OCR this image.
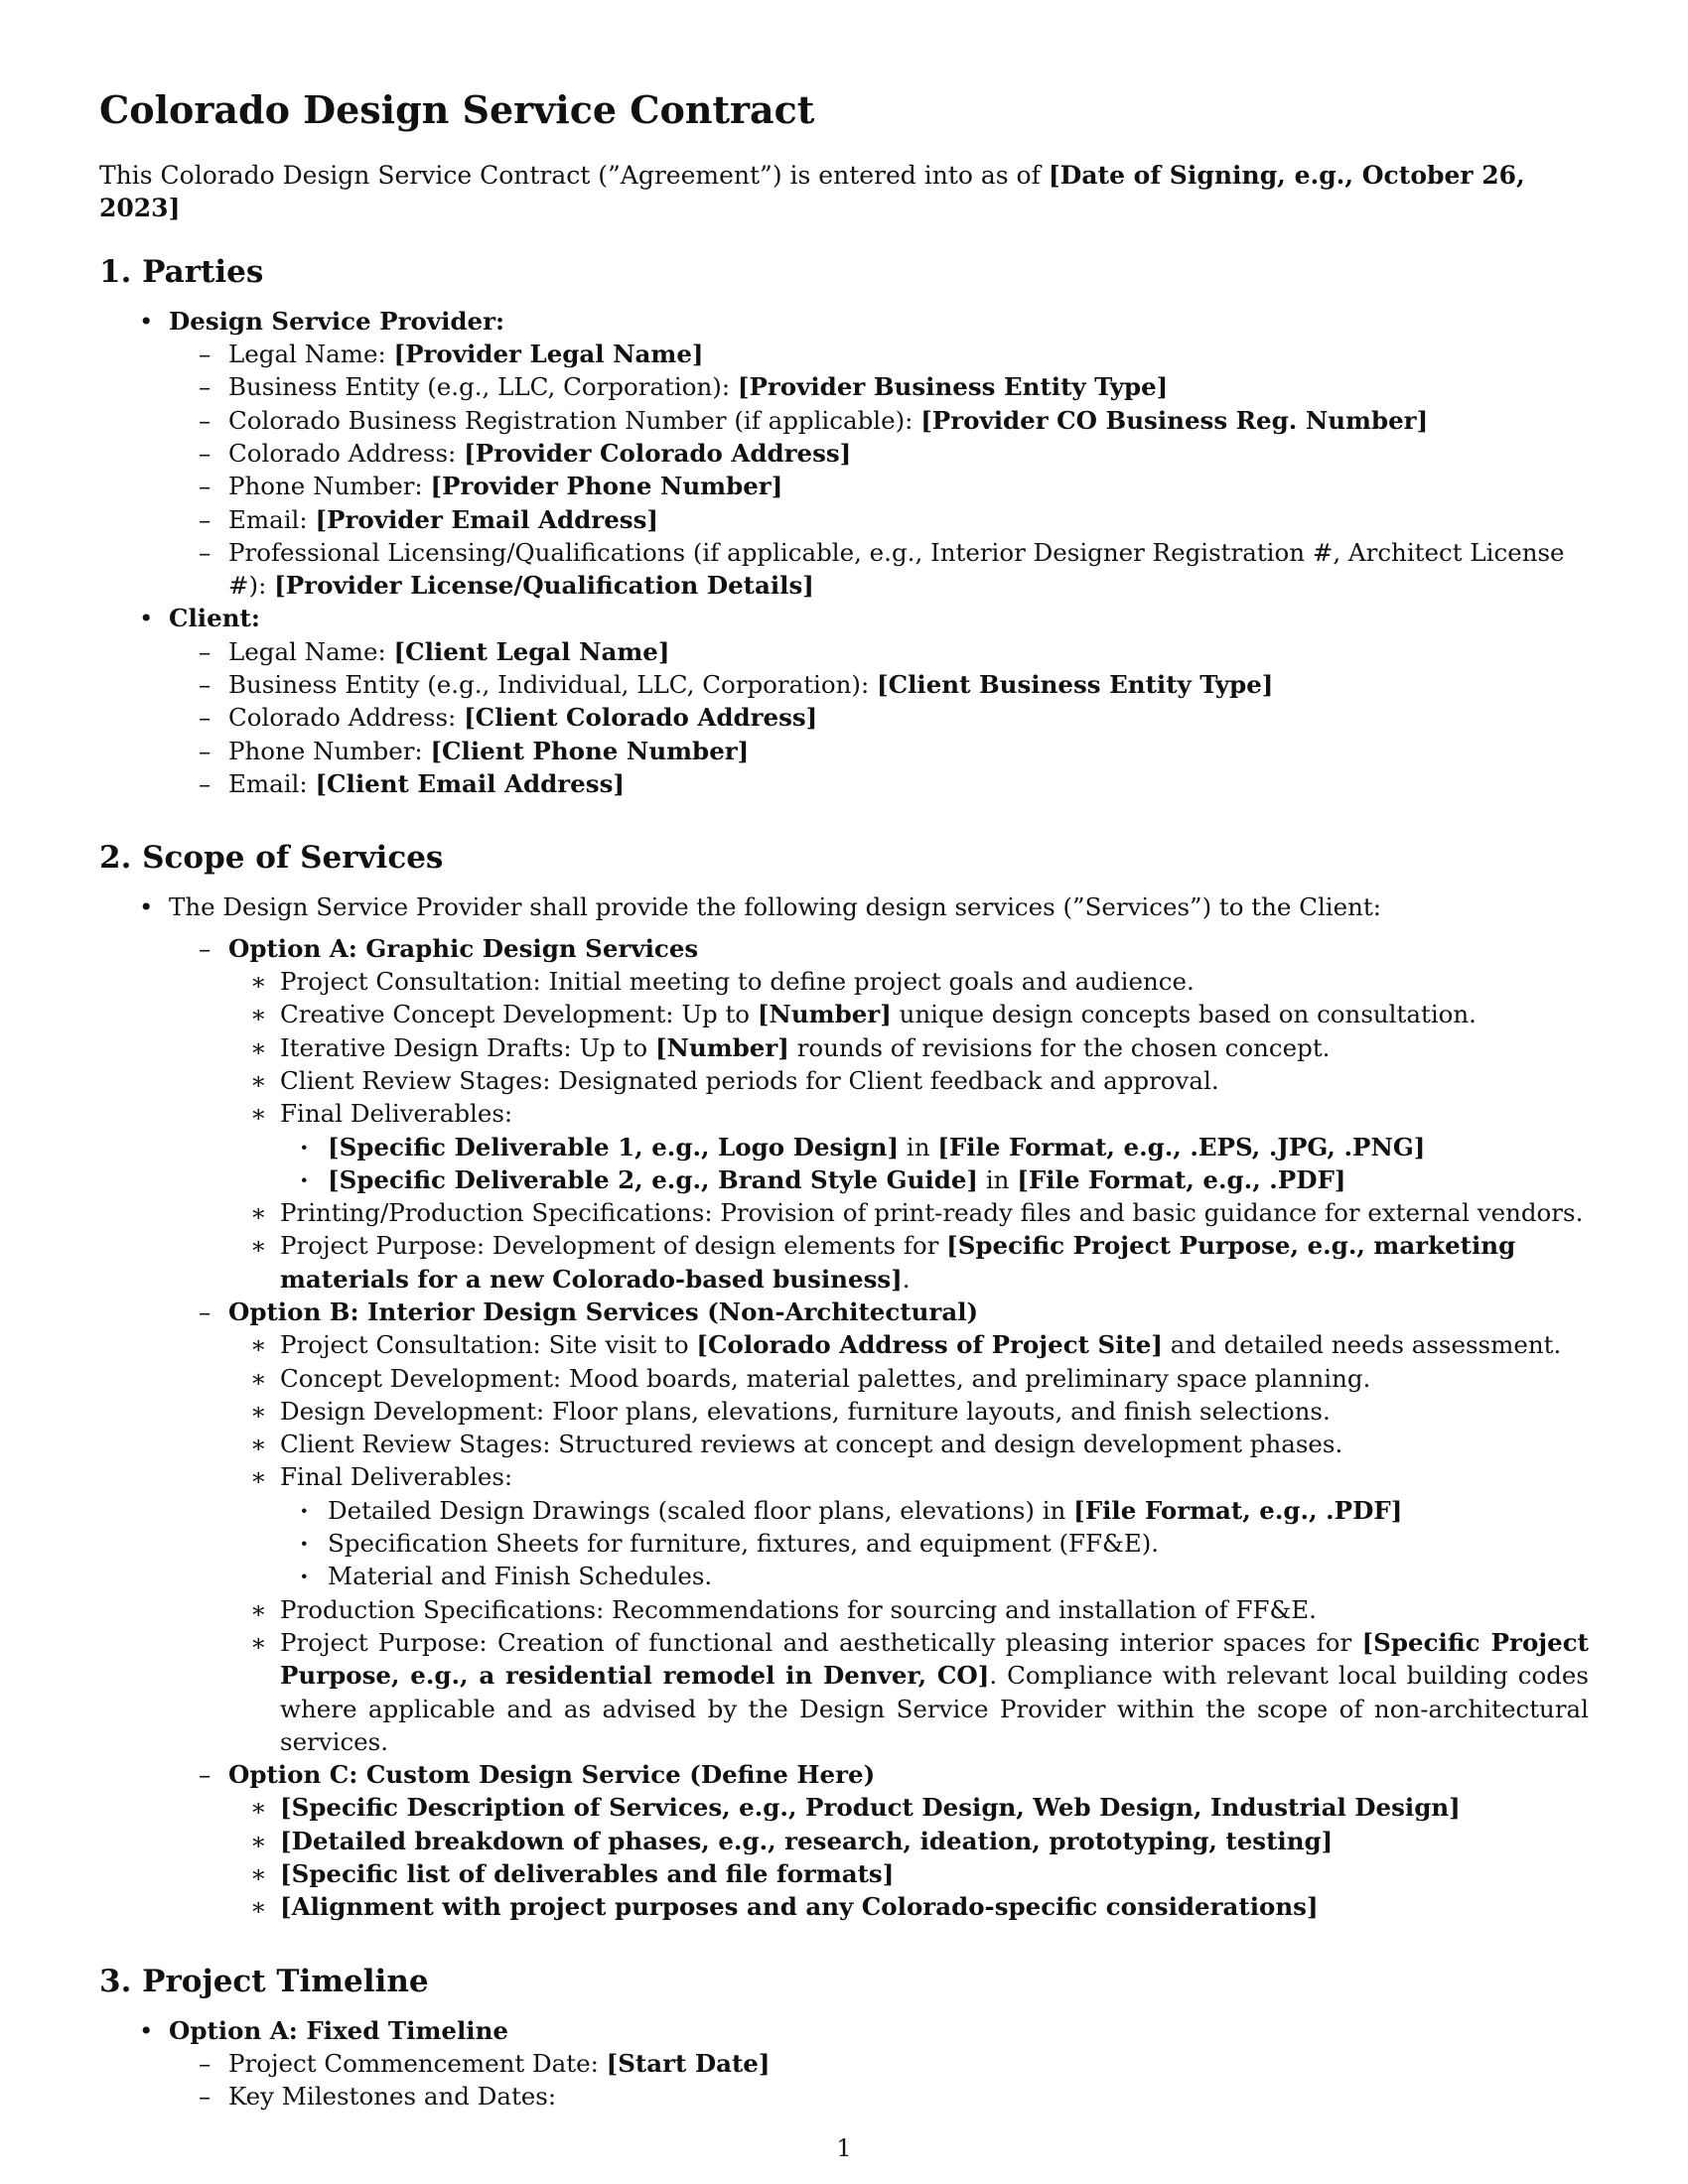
Colorado Design Service Contract

This Colorado Design Service Contract (”Agreement”) is entered into as of [Date of Signing, e.g., October 26, 2023]

1. Parties
• Design Service Provider:
– Legal Name: [Provider Legal Name]
– Business Entity (e.g., LLC, Corporation): [Provider Business Entity Type]
– Colorado Business Registration Number (if applicable): [Provider CO Business Reg. Number]
– Colorado Address: [Provider Colorado Address]
– Phone Number: [Provider Phone Number]
– Email: [Provider Email Address]
– Professional Licensing/Qualifications (if applicable, e.g., Interior Designer Registration #, Architect License #): [Provider License/Qualification Details]
• Client:
– Legal Name: [Client Legal Name]
– Business Entity (e.g., Individual, LLC, Corporation): [Client Business Entity Type]
– Colorado Address: [Client Colorado Address]
– Phone Number: [Client Phone Number]
– Email: [Client Email Address]
2. Scope of Services
• The Design Service Provider shall provide the following design services (”Services”) to the Client:
– Option A: Graphic Design Services
∗ Project Consultation: Initial meeting to define project goals and audience.
∗ Creative Concept Development: Up to [Number] unique design concepts based on consultation.
∗ Iterative Design Drafts: Up to [Number] rounds of revisions for the chosen concept.
∗ Client Review Stages: Designated periods for Client feedback and approval.
∗ Final Deliverables:
· [Specific Deliverable 1, e.g., Logo Design] in [File Format, e.g., .EPS, .JPG, .PNG]
· [Specific Deliverable 2, e.g., Brand Style Guide] in [File Format, e.g., .PDF]
∗ Printing/Production Specifications: Provision of print-ready files and basic guidance for external vendors.
∗ Project Purpose: Development of design elements for [Specific Project Purpose, e.g., marketing materials for a new Colorado-based business].
– Option B: Interior Design Services (Non-Architectural)
∗ Project Consultation: Site visit to [Colorado Address of Project Site] and detailed needs assessment.
∗ Concept Development: Mood boards, material palettes, and preliminary space planning.
∗ Design Development: Floor plans, elevations, furniture layouts, and finish selections.
∗ Client Review Stages: Structured reviews at concept and design development phases.
∗ Final Deliverables:
· Detailed Design Drawings (scaled floor plans, elevations) in [File Format, e.g., .PDF]
· Specification Sheets for furniture, fixtures, and equipment (FF&E).
· Material and Finish Schedules.
∗ Production Specifications: Recommendations for sourcing and installation of FF&E.
∗ Project Purpose: Creation of functional and aesthetically pleasing interior spaces for [Specific Project Purpose, e.g., a residential remodel in Denver, CO]. Compliance with relevant local building codes where applicable and as advised by the Design Service Provider within the scope of non-architectural services.
– Option C: Custom Design Service (Define Here)
∗ [Specific Description of Services, e.g., Product Design, Web Design, Industrial Design]
∗ [Detailed breakdown of phases, e.g., research, ideation, prototyping, testing]
∗ [Specific list of deliverables and file formats]
∗ [Alignment with project purposes and any Colorado-specific considerations]
3. Project Timeline
• Option A: Fixed Timeline
– Project Commencement Date: [Start Date]
– Key Milestones and Dates:
1
